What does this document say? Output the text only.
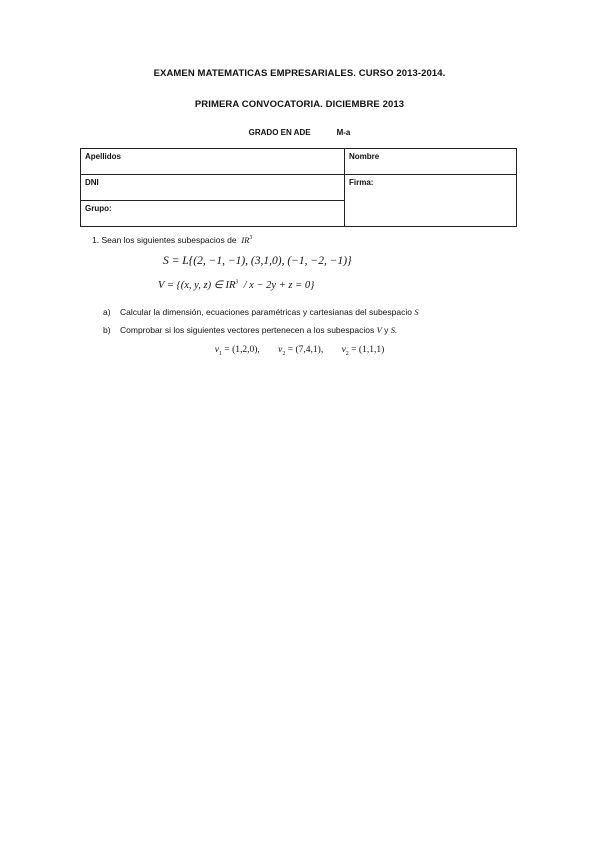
EXAMEN MATEMATICAS EMPRESARIALES. CURSO 2013-2014.
PRIMERA CONVOCATORIA. DICIEMBRE 2013
GRADO EN ADE	M-a
Apellidos	Nombre
DNI	Firma:
Grupo:	
1. Sean los siguientes subespacios de $IR^3$
S = L{(2, −1, −1), (3,1,0), (−1, −2, −1)}
V = {(x, y, z) ∈ $IR^3 / x - 2y + z = 0$}
a) Calcular la dimensión, ecuaciones paramétricas y cartesianas del subespacio S
b) Comprobar si los siguientes vectores pertenecen a los subespacios V y S.
$v_1 = (1,2,0)$, $v_2 = (7,4,1)$, $v_2 = (1,1,1)$
